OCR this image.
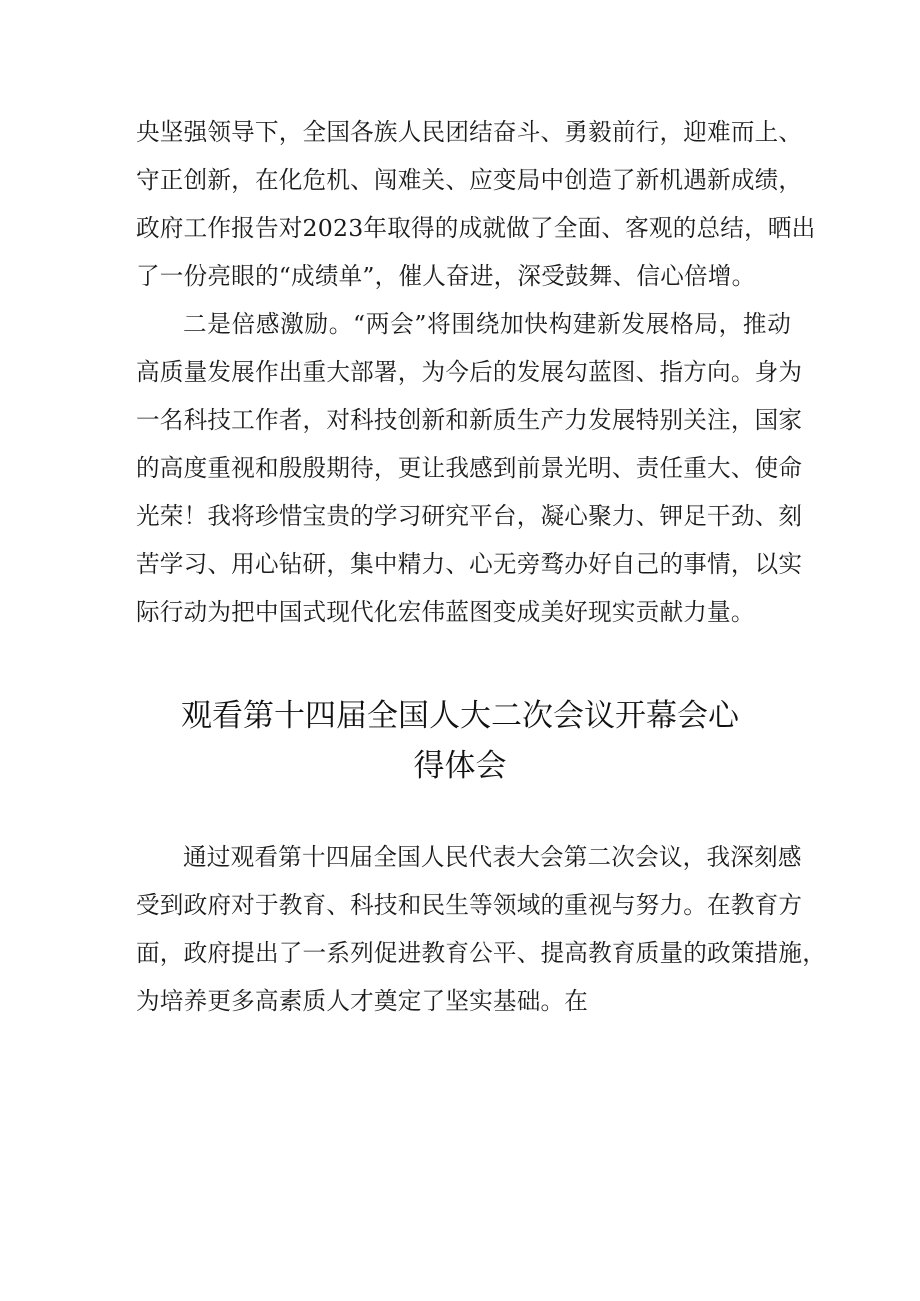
央坚强领导下，全国各族人民团结奋斗、勇毅前行，迎难而上、
守正创新，在化危机、闯难关、应变局中创造了新机遇新成绩，
政府工作报告对2023年取得的成就做了全面、客观的总结，晒出
了一份亮眼的“成绩单”，催人奋进，深受鼓舞、信心倍增。
二是倍感激励。“两会”将围绕加快构建新发展格局，推动
高质量发展作出重大部署，为今后的发展勾蓝图、指方向。身为
一名科技工作者，对科技创新和新质生产力发展特别关注，国家
的高度重视和殷殷期待，更让我感到前景光明、责任重大、使命
光荣！我将珍惜宝贵的学习研究平台，凝心聚力、钾足干劲、刻
苦学习、用心钻研，集中精力、心无旁骛办好自己的事情，以实
际行动为把中国式现代化宏伟蓝图变成美好现实贡献力量。
观看第十四届全国人大二次会议开幕会心
得体会
通过观看第十四届全国人民代表大会第二次会议，我深刻感
受到政府对于教育、科技和民生等领域的重视与努力。在教育方
面，政府提出了一系列促进教育公平、提高教育质量的政策措施，
为培养更多高素质人才奠定了坚实基础。在
